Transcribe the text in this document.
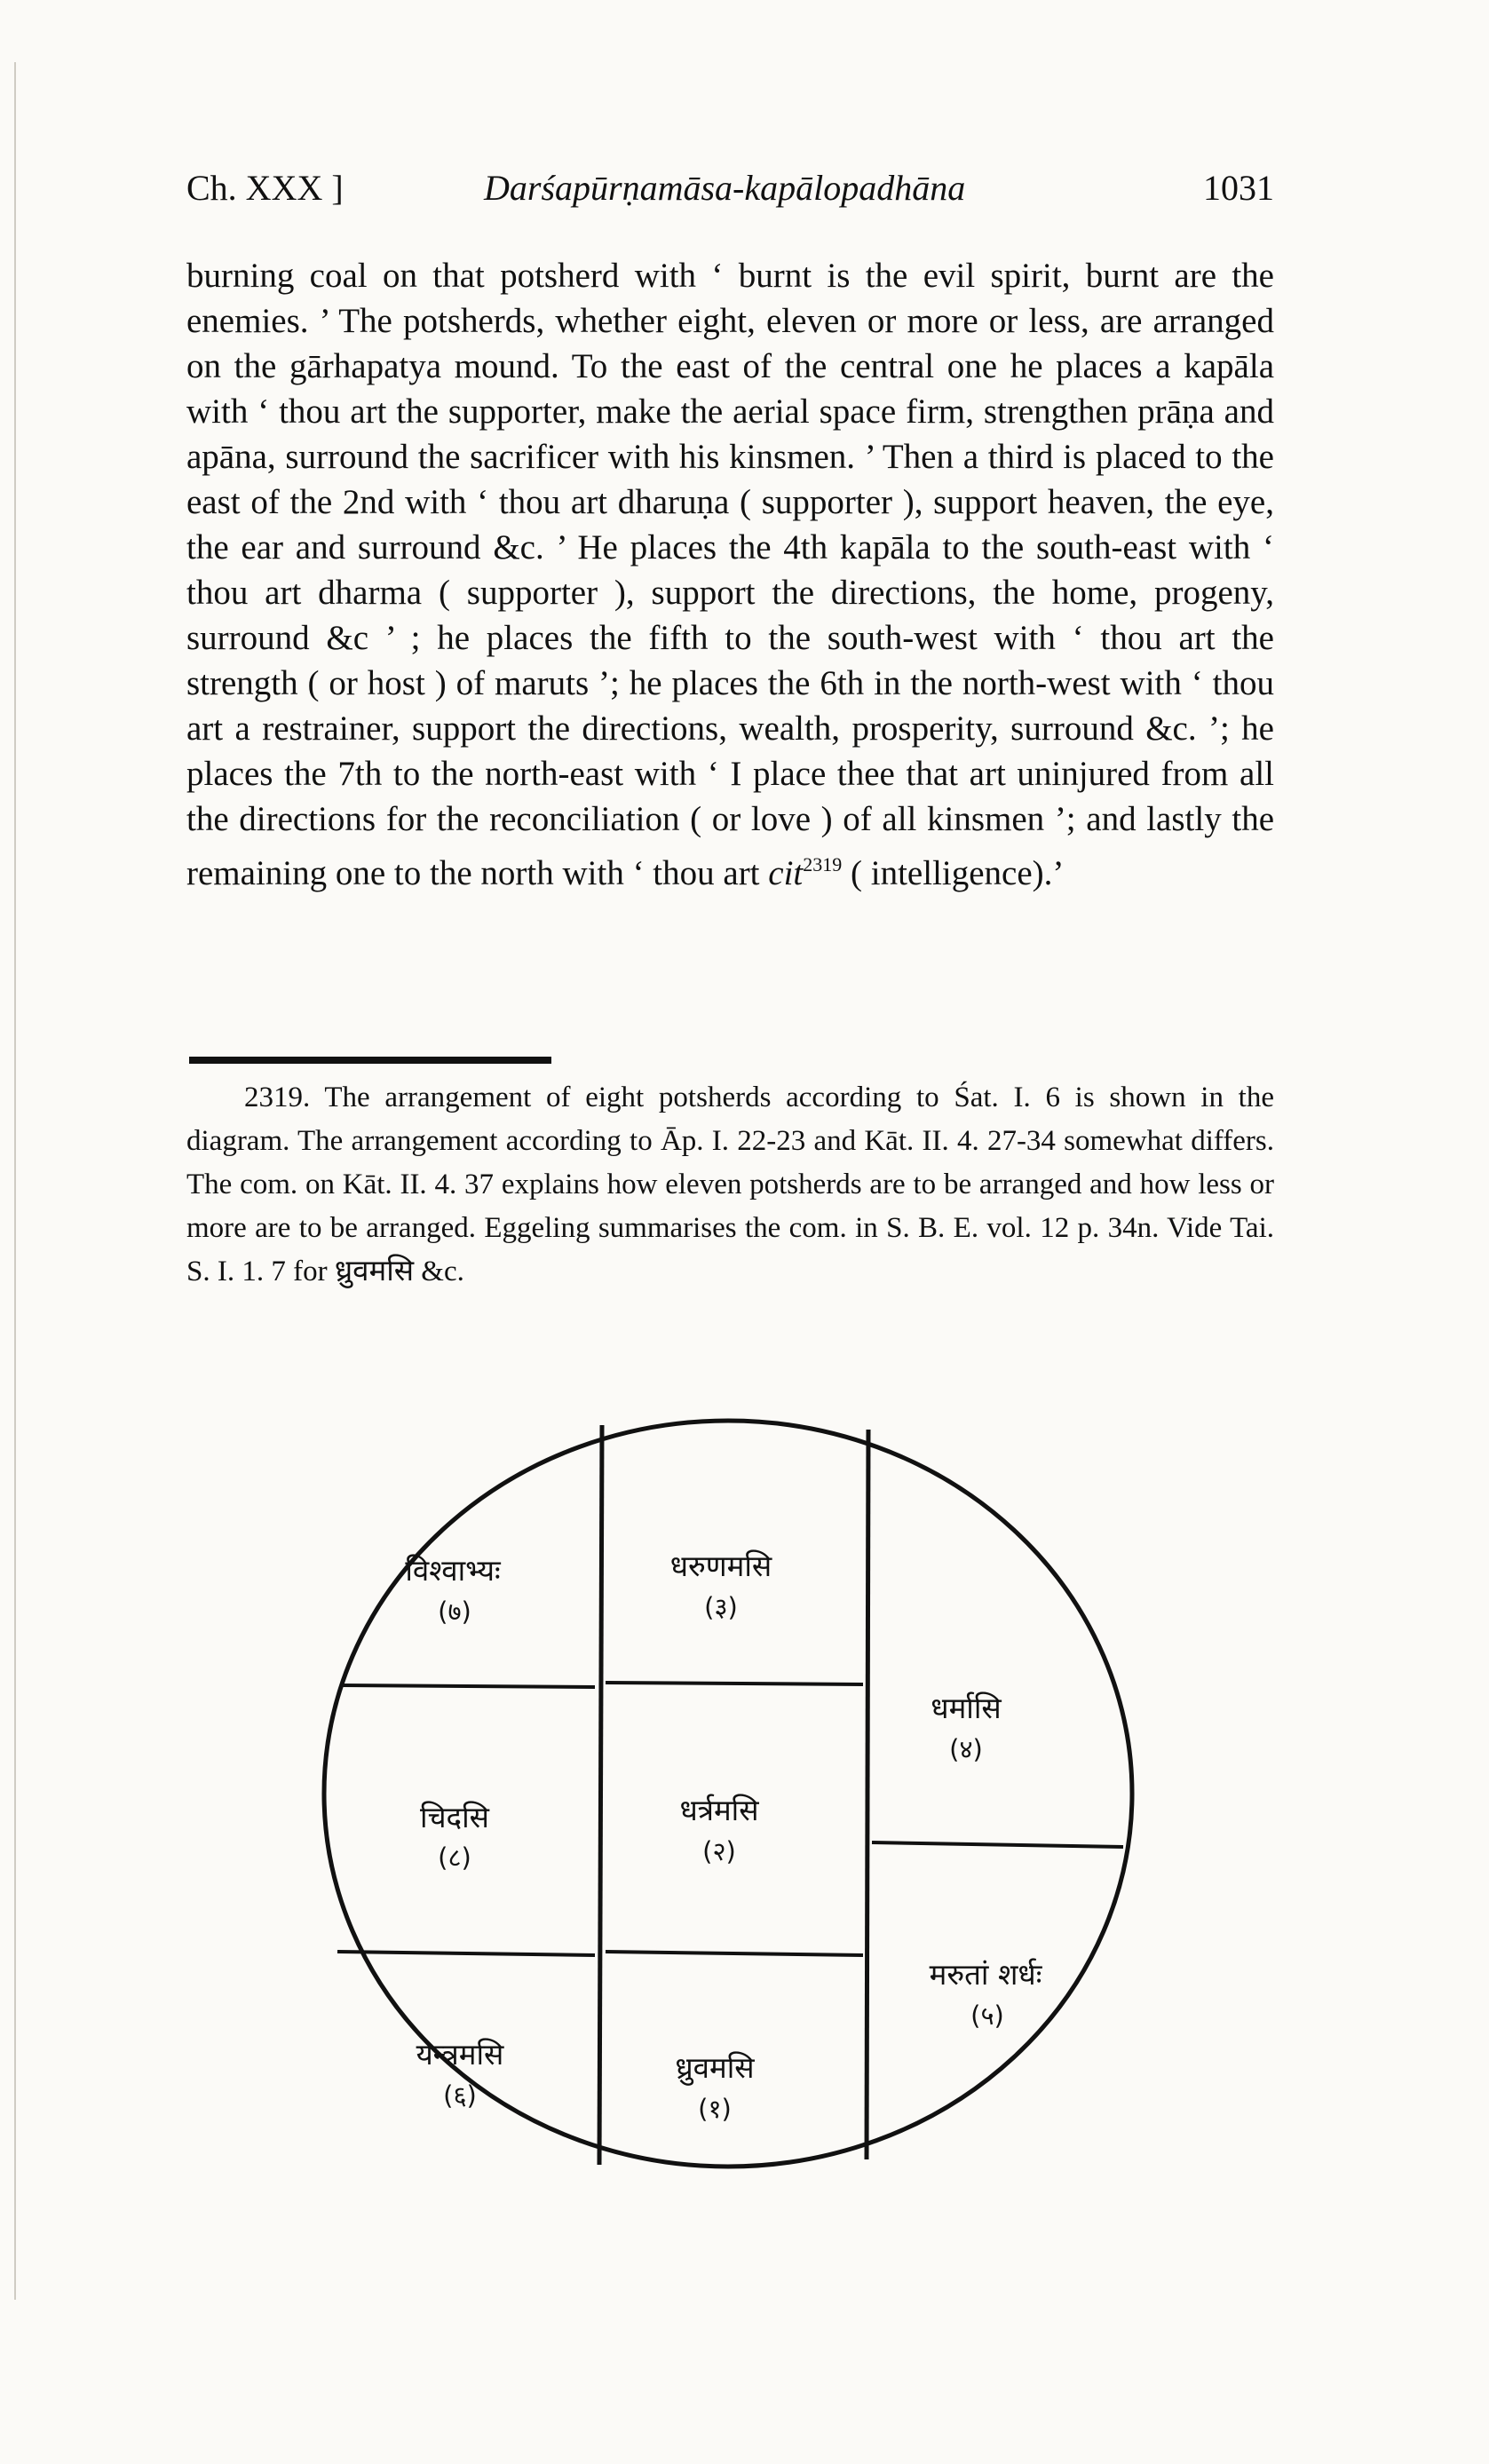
Ch. XXX ]	Darśapūrṇamāsa-kapālopadhāna	1031

burning coal on that potsherd with ‘ burnt is the evil spirit, burnt are the enemies. ’ The potsherds, whether eight, eleven or more or less, are arranged on the gārhapatya mound. To the east of the central one he places a kapāla with ‘ thou art the supporter, make the aerial space firm, strengthen prāṇa and apāna, surround the sacrificer with his kinsmen. ’ Then a third is placed to the east of the 2nd with ‘ thou art dharuṇa ( supporter ), support heaven, the eye, the ear and surround &c. ’ He places the 4th kapāla to the south-east with ‘ thou art dharma ( supporter ), support the directions, the home, progeny, surround &c ’ ; he places the fifth to the south-west with ‘ thou art the strength ( or host ) of maruts ’; he places the 6th in the north-west with ‘ thou art a restrainer, support the directions, wealth, prosperity, surround &c. ’; he places the 7th to the north-east with ‘ I place thee that art uninjured from all the directions for the reconciliation ( or love ) of all kinsmen ’; and lastly the remaining one to the north with ‘ thou art cit$^{2319}$ ( intelligence).’

2319. The arrangement of eight potsherds according to Śat. I. 6 is shown in the diagram. The arrangement according to Āp. I. 22-23 and Kāt. II. 4. 27-34 somewhat differs. The com. on Kāt. II. 4. 37 explains how eleven potsherds are to be arranged and how less or more are to be arranged. Eggeling summarises the com. in S. B. E. vol. 12 p. 34n. Vide Tai. S. I. 1. 7 for ध्रुवमसि &c.

विश्वाभ्यः
(७)
धरुणमसि
(३)
धर्मासि
(४)
चिदसि
(८)
धर्त्रमसि
(२)
मरुतां शर्धः
(५)
यन्त्रमसि
(६)
ध्रुवमसि
(१)
